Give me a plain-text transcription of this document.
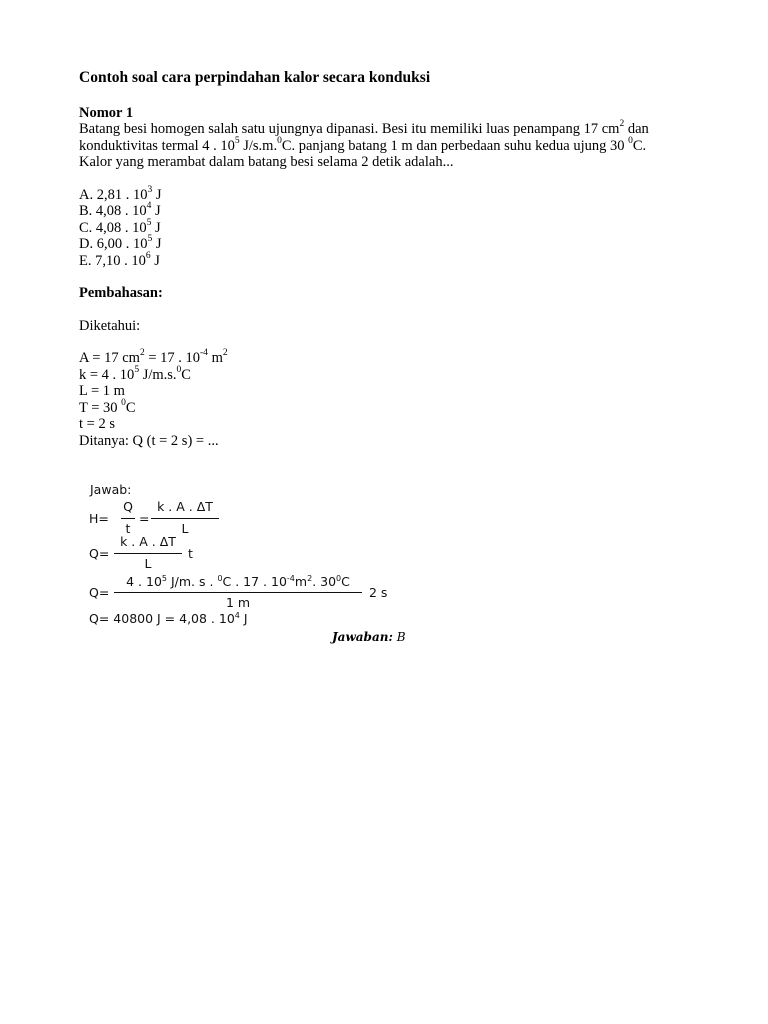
Contoh soal cara perpindahan kalor secara konduksi

Nomor 1

Batang besi homogen salah satu ujungnya dipanasi. Besi itu memiliki luas penampang 17 $cm^2$ dan

konduktivitas termal 4 . $10^5$ J/s.m.$^0$C. panjang batang 1 m dan perbedaan suhu kedua ujung 30 $^0$C.

Kalor yang merambat dalam batang besi selama 2 detik adalah...

A. 2,81 . $10^3$ J

B. 4,08 . $10^4$ J

C. 4,08 . $10^5$ J

D. 6,00 . $10^5$ J

E. 7,10 . $10^6$ J

Pembahasan:

Diketahui:

A = 17 $cm^2 = 17$ . $10^{-4}$ $m^2$

k = 4 . $10^5$ J/m.s.$^0$C

L = 1 m

T = 30 $^0$C

t = 2 s

Ditanya: Q (t = 2 s) = ...

Jawab:
H=
Q
t
=
k . A . ΔT
L
Q=
k . A . ΔT
L
t
Q=
4 . $10^5$ J/m. s . $^0$C . 17 . $10^{-4}m^2$. $30^0C$
1 m
2 s
Q= 40800 J = 4,08 . $10^4$ J
Jawaban: B
